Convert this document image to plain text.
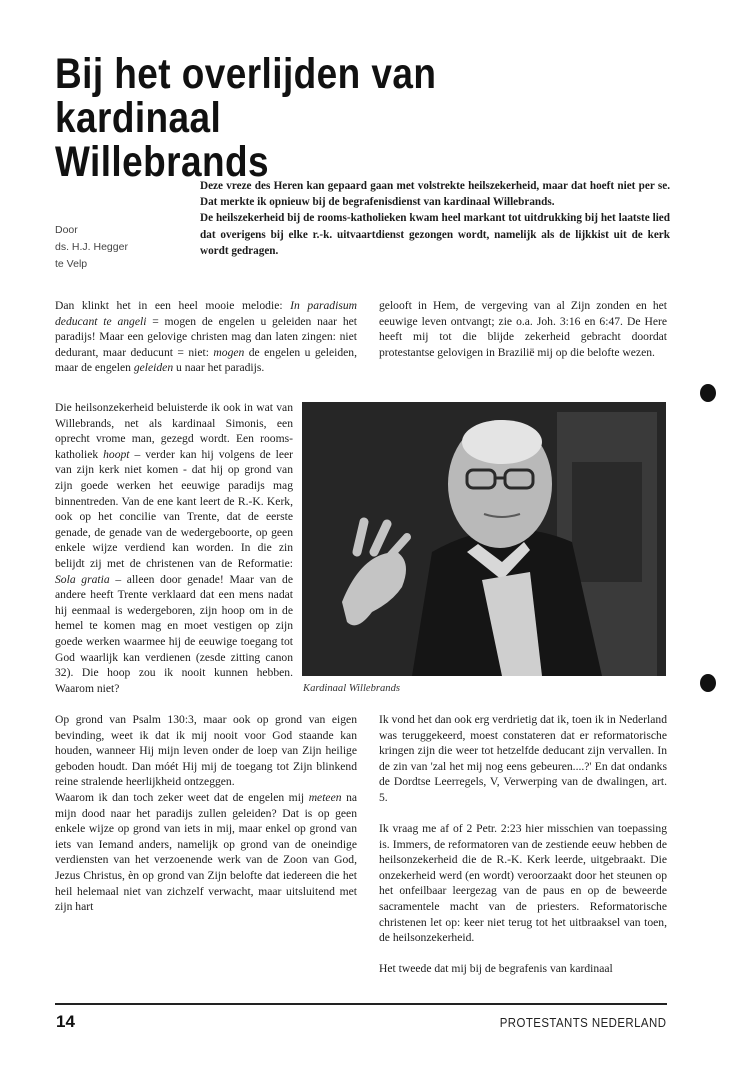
Bij het overlijden van kardinaal
Willebrands
Door
ds. H.J. Hegger
te Velp

Deze vreze des Heren kan gepaard gaan met volstrekte heilszekerheid, maar dat hoeft niet per se. Dat merkte ik opnieuw bij de begrafenisdienst van kardinaal Willebrands.

De heilszekerheid bij de rooms-katholieken kwam heel markant tot uitdrukking bij het laatste lied dat overigens bij elke r.-k. uitvaartdienst gezongen wordt, namelijk als de lijkkist uit de kerk wordt gedragen.

Dan klinkt het in een heel mooie melodie: In paradisum deducant te angeli = mogen de engelen u geleiden naar het paradijs! Maar een gelovige christen mag dan laten zingen: niet dedurant, maar deducunt = niet: mogen de engelen u geleiden, maar de engelen geleiden u naar het paradijs.

gelooft in Hem, de vergeving van al Zijn zonden en het eeuwige leven ontvangt; zie o.a. Joh. 3:16 en 6:47. De Here heeft mij tot die blijde zekerheid gebracht doordat protestantse gelovigen in Brazilië mij op die belofte wezen.

Die heilsonzekerheid beluisterde ik ook in wat van Willebrands, net als kardinaal Simonis, een oprecht vrome man, gezegd wordt. Een rooms-katholiek hoopt – verder kan hij volgens de leer van zijn kerk niet komen - dat hij op grond van zijn goede werken het eeuwige paradijs mag binnentreden. Van de ene kant leert de R.-K. Kerk, ook op het concilie van Trente, dat de eerste genade, de genade van de wedergeboorte, op geen enkele wijze verdiend kan worden. In die zin belijdt zij met de christenen van de Reformatie: Sola gratia – alleen door genade! Maar van de andere heeft Trente verklaard dat een mens nadat hij eenmaal is wedergeboren, zijn hoop om in de hemel te komen mag en moet vestigen op zijn goede werken waarmee hij de eeuwige toegang tot God waarlijk kan verdienen (zesde zitting canon 32). Die hoop zou ik nooit kunnen hebben. Waarom niet?	Kardinaal Willebrands

Op grond van Psalm 130:3, maar ook op grond van eigen bevinding, weet ik dat ik mij nooit voor God staande kan houden, wanneer Hij mijn leven onder de loep van Zijn heilige geboden houdt. Dan móét Hij mij de toegang tot Zijn blinkend reine stralende heerlijkheid ontzeggen.

Waarom ik dan toch zeker weet dat de engelen mij meteen na mijn dood naar het paradijs zullen geleiden? Dat is op geen enkele wijze op grond van iets in mij, maar enkel op grond van iets van Iemand anders, namelijk op grond van de oneindige verdiensten van het verzoenende werk van de Zoon van God, Jezus Christus, èn op grond van Zijn belofte dat iedereen die het heil helemaal niet van zichzelf verwacht, maar uitsluitend met zijn hart

Ik vond het dan ook erg verdrietig dat ik, toen ik in Nederland was teruggekeerd, moest constateren dat er reformatorische kringen zijn die weer tot hetzelfde deducant zijn vervallen. In de zin van 'zal het mij nog eens gebeuren....?' En dat ondanks de Dordtse Leerregels, V, Verwerping van de dwalingen, art. 5.

Ik vraag me af of 2 Petr. 2:23 hier misschien van toepassing is. Immers, de reformatoren van de zestiende eeuw hebben de heilsonzekerheid die de R.-K. Kerk leerde, uitgebraakt. Die onzekerheid werd (en wordt) veroorzaakt door het steunen op het onfeilbaar leergezag van de paus en op de beweerde sacramentele macht van de priesters. Reformatorische christenen let op: keer niet terug tot het uitbraaksel van toen, de heilsonzekerheid.

Het tweede dat mij bij de begrafenis van kardinaal

14	PROTESTANTS NEDERLAND
